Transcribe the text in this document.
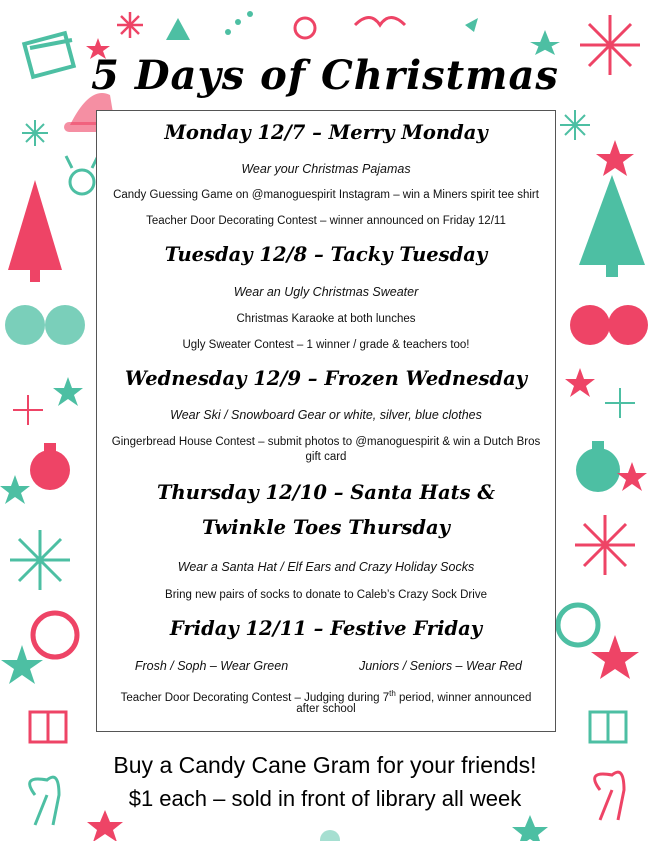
5 Days of Christmas
Monday 12/7 – Merry Monday
Wear your Christmas Pajamas
Candy Guessing Game on @manoguespirit Instagram – win a Miners spirit tee shirt
Teacher Door Decorating Contest – winner announced on Friday 12/11
Tuesday 12/8 – Tacky Tuesday
Wear an Ugly Christmas Sweater
Christmas Karaoke at both lunches
Ugly Sweater Contest – 1 winner / grade & teachers too!
Wednesday 12/9 – Frozen Wednesday
Wear Ski / Snowboard Gear or white, silver, blue clothes
Gingerbread House Contest – submit photos to @manoguespirit & win a Dutch Bros
gift card
Thursday 12/10 – Santa Hats &
Twinkle Toes Thursday
Wear a Santa Hat / Elf Ears and Crazy Holiday Socks
Bring new pairs of socks to donate to Caleb’s Crazy Sock Drive
Friday 12/11 – Festive Friday
Frosh / Soph – Wear Green	Juniors / Seniors – Wear Red
Teacher Door Decorating Contest – Judging during 7th period, winner announced
after school
Buy a Candy Cane Gram for your friends!
$1 each – sold in front of library all week
